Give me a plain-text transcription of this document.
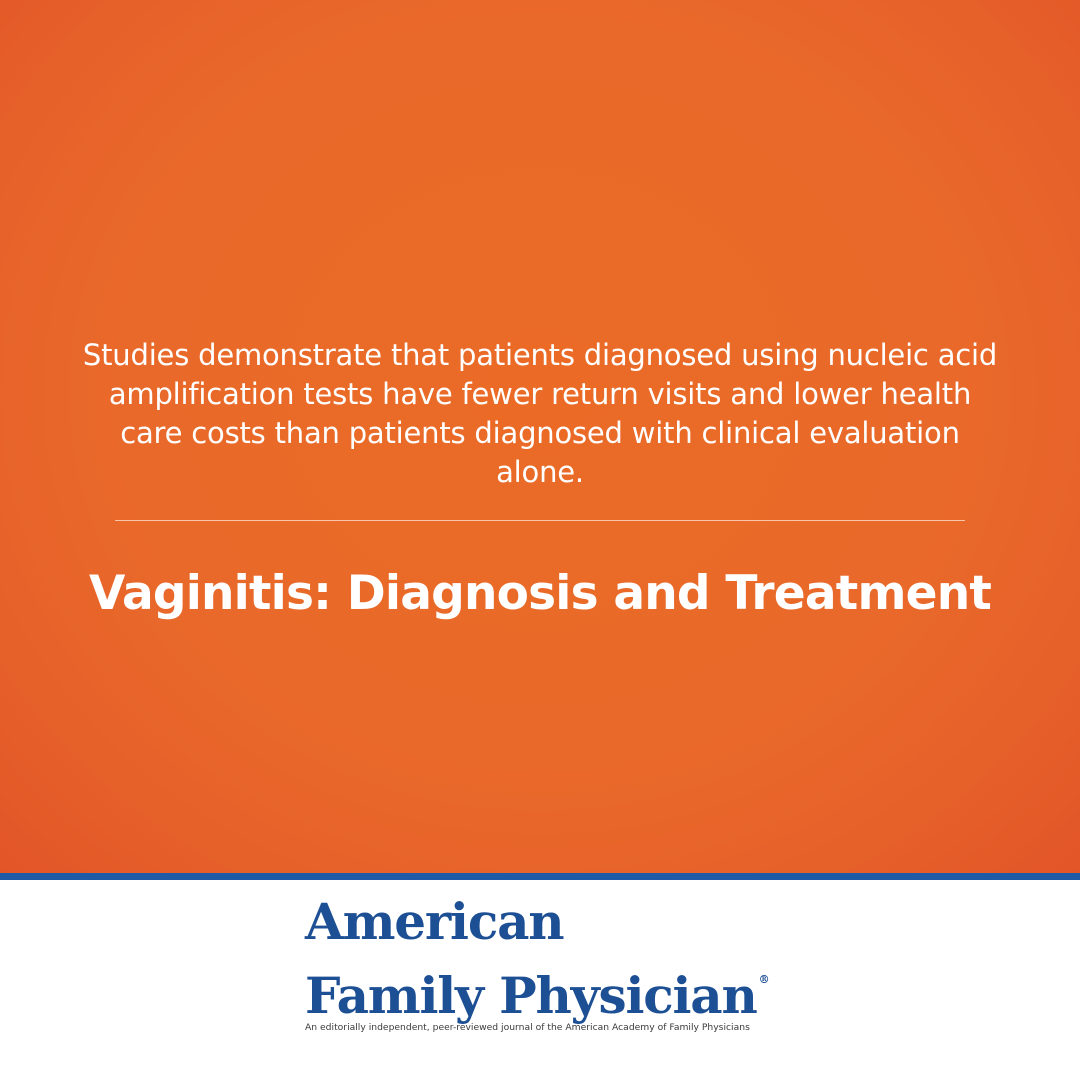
Studies demonstrate that patients diagnosed using nucleic acid amplification tests have fewer return visits and lower health care costs than patients diagnosed with clinical evaluation alone.

Vaginitis: Diagnosis and Treatment
American
Family Physician ®

An editorially independent, peer-reviewed journal of the American Academy of Family Physicians
